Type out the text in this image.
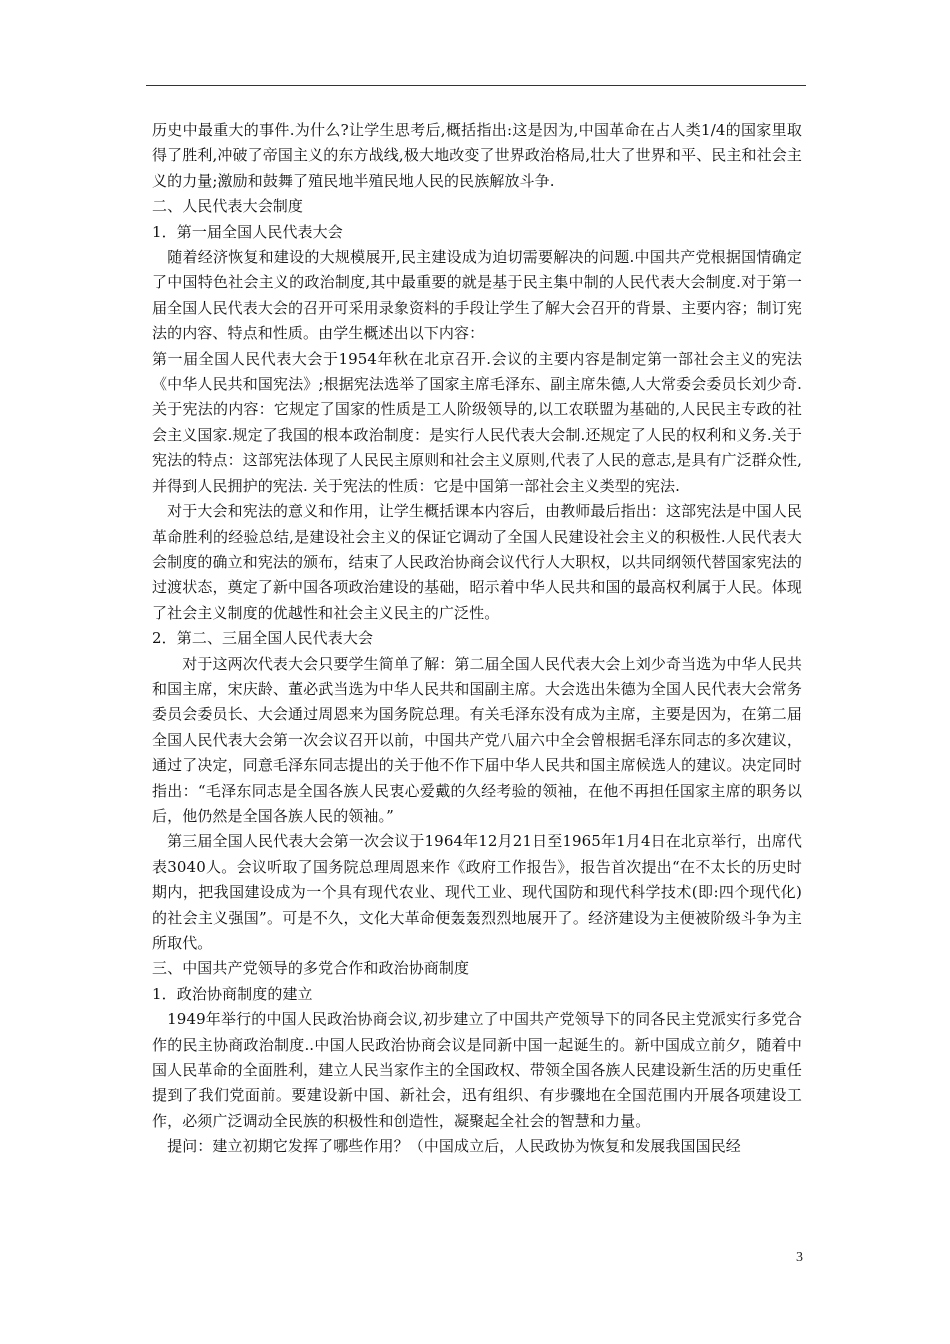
历史中最重大的事件.为什么?让学生思考后,概括指出:这是因为,中国革命在占人类1/4的国家里取得了胜利,冲破了帝国主义的东方战线,极大地改变了世界政治格局,壮大了世界和平、民主和社会主义的力量;激励和鼓舞了殖民地半殖民地人民的民族解放斗争.

二、人民代表大会制度

1．第一届全国人民代表大会

　随着经济恢复和建设的大规模展开,民主建设成为迫切需要解决的问题.中国共产党根据国情确定了中国特色社会主义的政治制度,其中最重要的就是基于民主集中制的人民代表大会制度.对于第一届全国人民代表大会的召开可采用录象资料的手段让学生了解大会召开的背景、主要内容；制订宪法的内容、特点和性质。由学生概述出以下内容：

第一届全国人民代表大会于1954年秋在北京召开.会议的主要内容是制定第一部社会主义的宪法《中华人民共和国宪法》;根据宪法选举了国家主席毛泽东、副主席朱德,人大常委会委员长刘少奇.关于宪法的内容：它规定了国家的性质是工人阶级领导的,以工农联盟为基础的,人民民主专政的社会主义国家.规定了我国的根本政治制度：是实行人民代表大会制.还规定了人民的权利和义务.关于宪法的特点：这部宪法体现了人民民主原则和社会主义原则,代表了人民的意志,是具有广泛群众性,并得到人民拥护的宪法. 关于宪法的性质：它是中国第一部社会主义类型的宪法.

　对于大会和宪法的意义和作用，让学生概括课本内容后，由教师最后指出：这部宪法是中国人民革命胜利的经验总结,是建设社会主义的保证它调动了全国人民建设社会主义的积极性.人民代表大会制度的确立和宪法的颁布，结束了人民政治协商会议代行人大职权，以共同纲领代替国家宪法的过渡状态，奠定了新中国各项政治建设的基础，昭示着中华人民共和国的最高权利属于人民。体现了社会主义制度的优越性和社会主义民主的广泛性。

2．第二、三届全国人民代表大会

　　对于这两次代表大会只要学生简单了解：第二届全国人民代表大会上刘少奇当选为中华人民共和国主席，宋庆龄、董必武当选为中华人民共和国副主席。大会选出朱德为全国人民代表大会常务委员会委员长、大会通过周恩来为国务院总理。有关毛泽东没有成为主席，主要是因为，在第二届全国人民代表大会第一次会议召开以前，中国共产党八届六中全会曾根据毛泽东同志的多次建议，通过了决定，同意毛泽东同志提出的关于他不作下届中华人民共和国主席候选人的建议。决定同时指出：“毛泽东同志是全国各族人民衷心爱戴的久经考验的领袖，在他不再担任国家主席的职务以后，他仍然是全国各族人民的领袖。”

　第三届全国人民代表大会第一次会议于1964年12月21日至1965年1月4日在北京举行，出席代表3040人。会议听取了国务院总理周恩来作《政府工作报告》，报告首次提出“在不太长的历史时期内，把我国建设成为一个具有现代农业、现代工业、现代国防和现代科学技术(即:四个现代化)的社会主义强国”。可是不久，文化大革命便轰轰烈烈地展开了。经济建设为主便被阶级斗争为主所取代。

三、中国共产党领导的多党合作和政治协商制度

1．政治协商制度的建立

　1949年举行的中国人民政治协商会议,初步建立了中国共产党领导下的同各民主党派实行多党合作的民主协商政治制度..中国人民政治协商会议是同新中国一起诞生的。新中国成立前夕，随着中国人民革命的全面胜利，建立人民当家作主的全国政权、带领全国各族人民建设新生活的历史重任提到了我们党面前。要建设新中国、新社会，迅有组织、有步骤地在全国范围内开展各项建设工作，必须广泛调动全民族的积极性和创造性，凝聚起全社会的智慧和力量。

　提问：建立初期它发挥了哪些作用？（中国成立后，人民政协为恢复和发展我国国民经

3
